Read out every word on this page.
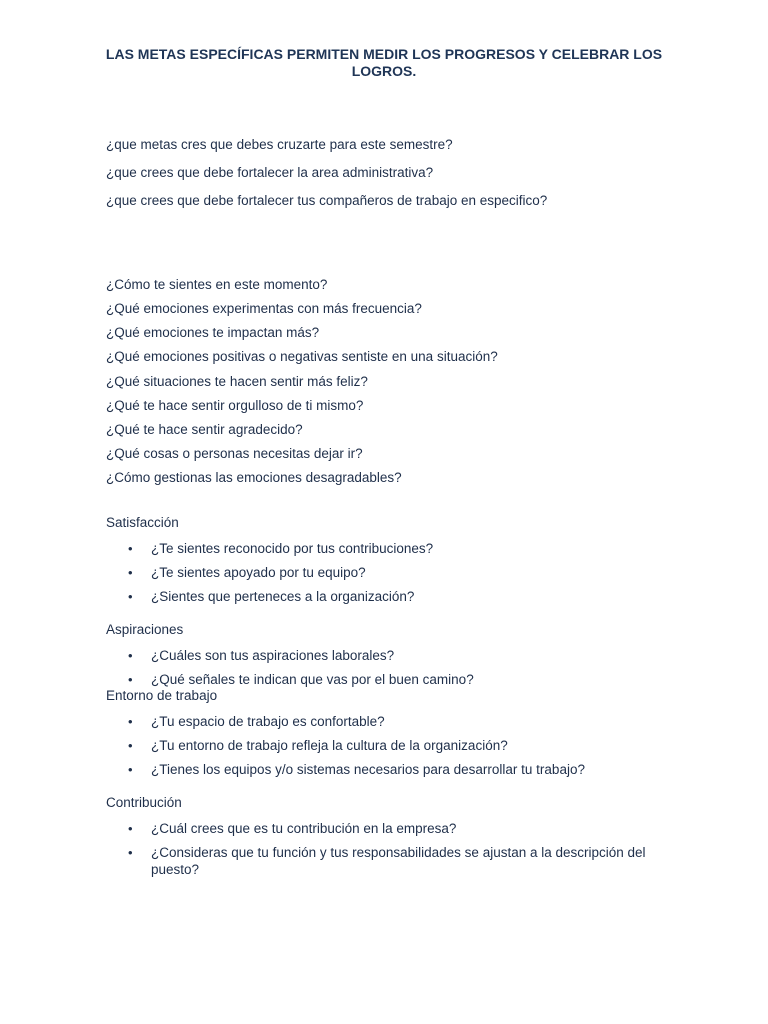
LAS METAS ESPECÍFICAS PERMITEN MEDIR LOS PROGRESOS Y CELEBRAR LOS LOGROS.
¿que metas cres que debes cruzarte para este semestre?
¿que crees que debe fortalecer la area administrativa?
¿que crees que debe fortalecer tus compañeros de trabajo en especifico?
¿Cómo te sientes en este momento?
¿Qué emociones experimentas con más frecuencia?
¿Qué emociones te impactan más?
¿Qué emociones positivas o negativas sentiste en una situación?
¿Qué situaciones te hacen sentir más feliz?
¿Qué te hace sentir orgulloso de ti mismo?
¿Qué te hace sentir agradecido?
¿Qué cosas o personas necesitas dejar ir?
¿Cómo gestionas las emociones desagradables?
Satisfacción
• ¿Te sientes reconocido por tus contribuciones?
• ¿Te sientes apoyado por tu equipo?
• ¿Sientes que perteneces a la organización?
Aspiraciones
• ¿Cuáles son tus aspiraciones laborales?
• ¿Qué señales te indican que vas por el buen camino?
Entorno de trabajo
• ¿Tu espacio de trabajo es confortable?
• ¿Tu entorno de trabajo refleja la cultura de la organización?
• ¿Tienes los equipos y/o sistemas necesarios para desarrollar tu trabajo?
Contribución
• ¿Cuál crees que es tu contribución en la empresa?
• ¿Consideras que tu función y tus responsabilidades se ajustan a la descripción del puesto?
